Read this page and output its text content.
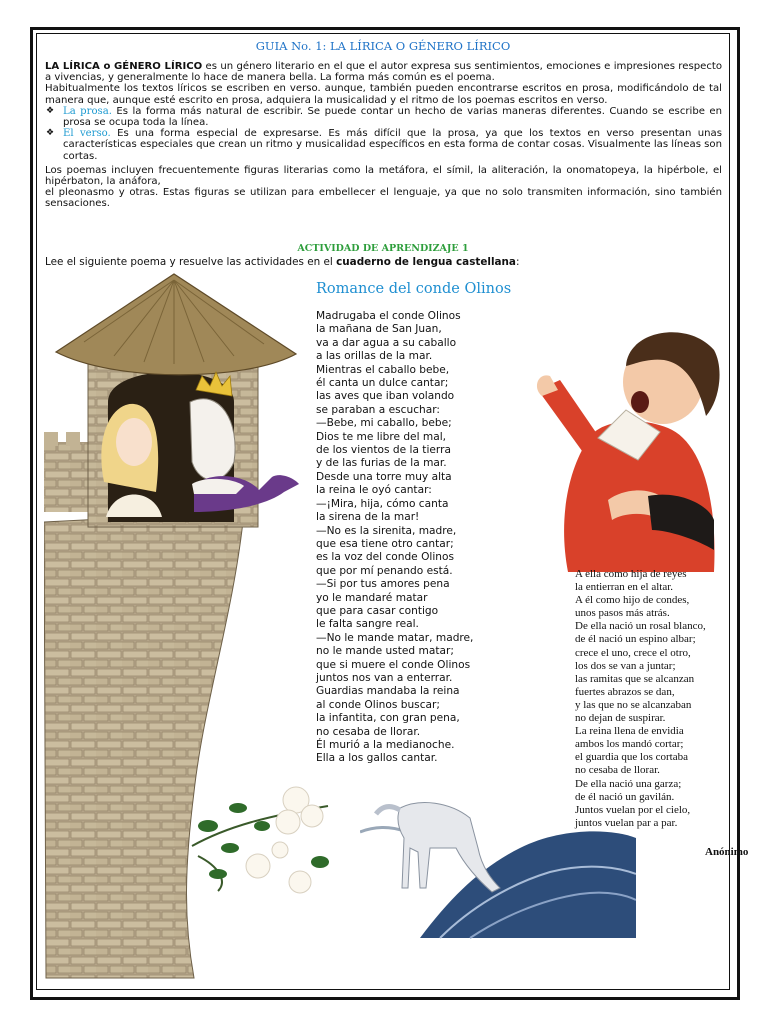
GUIA No. 1: LA LÍRICA O GÉNERO LÍRICO

LA LÍRICA o GÉNERO LÍRICO es un género literario en el que el autor expresa sus sentimientos, emociones e impresiones respecto a vivencias, y generalmente lo hace de manera bella. La forma más común es el poema.

Habitualmente los textos líricos se escriben en verso. aunque, también pueden encontrarse escritos en prosa, modificándolo de tal manera que, aunque esté escrito en prosa, adquiera la musicalidad y el ritmo de los poemas escritos en verso.

❖ La prosa. Es la forma más natural de escribir. Se puede contar un hecho de varias maneras diferentes. Cuando se escribe en prosa se ocupa toda la línea.

❖ El verso. Es una forma especial de expresarse. Es más difícil que la prosa, ya que los textos en verso presentan unas características especiales que crean un ritmo y musicalidad específicos en esta forma de contar cosas. Visualmente las líneas son cortas.

Los poemas incluyen frecuentemente figuras literarias como la metáfora, el símil, la aliteración, la onomatopeya, la hipérbole, el hipérbaton, la anáfora,

el pleonasmo y otras. Estas figuras se utilizan para embellecer el lenguaje, ya que no solo transmiten información, sino también sensaciones.

ACTIVIDAD DE APRENDIZAJE 1
Lee el siguiente poema y resuelve las actividades en el cuaderno de lengua castellana:
Romance del conde Olinos
Madrugaba el conde Olinos
la mañana de San Juan,
va a dar agua a su caballo
a las orillas de la mar.
Mientras el caballo bebe,
él canta un dulce cantar;
las aves que iban volando
se paraban a escuchar:
—Bebe, mi caballo, bebe;
Dios te me libre del mal,
de los vientos de la tierra
y de las furias de la mar.
Desde una torre muy alta
la reina le oyó cantar:
—¡Mira, hija, cómo canta
la sirena de la mar!
—No es la sirenita, madre,
que esa tiene otro cantar;
es la voz del conde Olinos
que por mí penando está.
—Si por tus amores pena
yo le mandaré matar
que para casar contigo
le falta sangre real.
—No le mande matar, madre,
no le mande usted matar;
que si muere el conde Olinos
juntos nos van a enterrar.
Guardias mandaba la reina
al conde Olinos buscar;
la infantita, con gran pena,
no cesaba de llorar.
Él murió a la medianoche.
Ella a los gallos cantar.
A ella como hija de reyes
la entierran en el altar.
A él como hijo de condes,
unos pasos más atrás.
De ella nació un rosal blanco,
de él nació un espino albar;
crece el uno, crece el otro,
los dos se van a juntar;
las ramitas que se alcanzan
fuertes abrazos se dan,
y las que no se alcanzaban
no dejan de suspirar.
La reina llena de envidia
ambos los mandó cortar;
el guardia que los cortaba
no cesaba de llorar.
De ella nació una garza;
de él nació un gavilán.
Juntos vuelan por el cielo,
juntos vuelan par a par.
Anónimo
